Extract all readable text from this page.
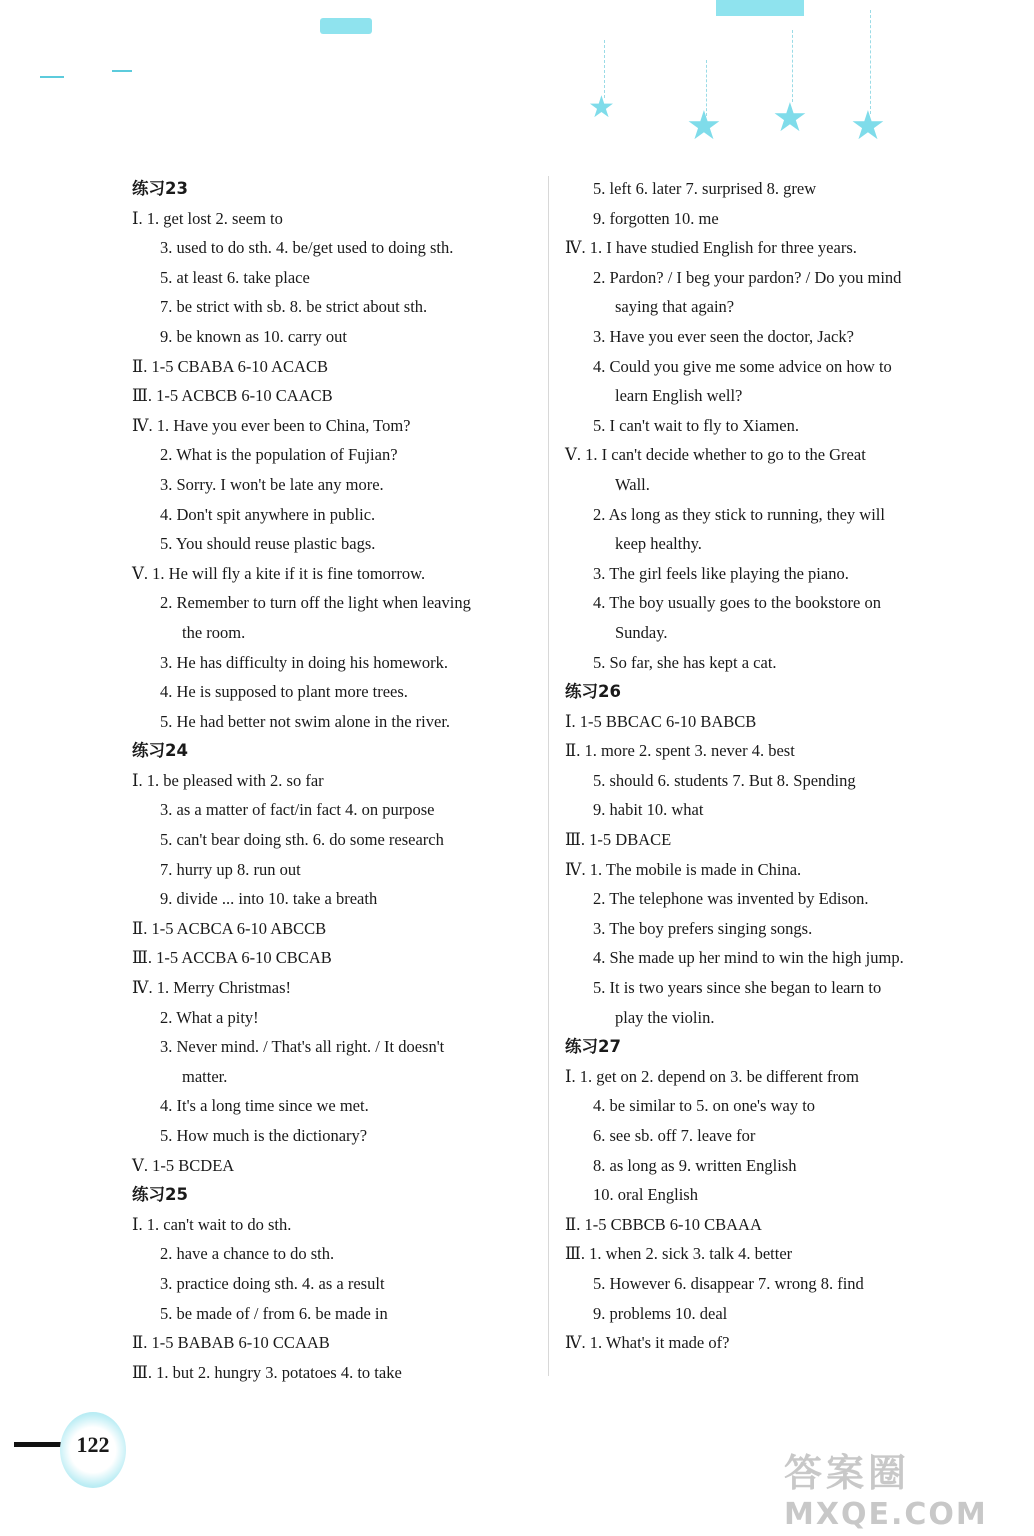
★ ★ ★ ★
练习23
Ⅰ. 1. get lost 2. seem to
3. used to do sth. 4. be/get used to doing sth.
5. at least 6. take place
7. be strict with sb. 8. be strict about sth.
9. be known as 10. carry out
Ⅱ. 1-5 CBABA 6-10 ACACB
Ⅲ. 1-5 ACBCB 6-10 CAACB
Ⅳ. 1. Have you ever been to China, Tom?
2. What is the population of Fujian?
3. Sorry. I won't be late any more.
4. Don't spit anywhere in public.
5. You should reuse plastic bags.
Ⅴ. 1. He will fly a kite if it is fine tomorrow.
2. Remember to turn off the light when leaving
the room.
3. He has difficulty in doing his homework.
4. He is supposed to plant more trees.
5. He had better not swim alone in the river.
练习24
Ⅰ. 1. be pleased with 2. so far
3. as a matter of fact/in fact 4. on purpose
5. can't bear doing sth. 6. do some research
7. hurry up 8. run out
9. divide ... into 10. take a breath
Ⅱ. 1-5 ACBCA 6-10 ABCCB
Ⅲ. 1-5 ACCBA 6-10 CBCAB
Ⅳ. 1. Merry Christmas!
2. What a pity!
3. Never mind. / That's all right. / It doesn't
matter.
4. It's a long time since we met.
5. How much is the dictionary?
Ⅴ. 1-5 BCDEA
练习25
Ⅰ. 1. can't wait to do sth.
2. have a chance to do sth.
3. practice doing sth. 4. as a result
5. be made of / from 6. be made in
Ⅱ. 1-5 BABAB 6-10 CCAAB
Ⅲ. 1. but 2. hungry 3. potatoes 4. to take
5. left 6. later 7. surprised 8. grew
9. forgotten 10. me
Ⅳ. 1. I have studied English for three years.
2. Pardon? / I beg your pardon? / Do you mind
saying that again?
3. Have you ever seen the doctor, Jack?
4. Could you give me some advice on how to
learn English well?
5. I can't wait to fly to Xiamen.
Ⅴ. 1. I can't decide whether to go to the Great
Wall.
2. As long as they stick to running, they will
keep healthy.
3. The girl feels like playing the piano.
4. The boy usually goes to the bookstore on
Sunday.
5. So far, she has kept a cat.
练习26
Ⅰ. 1-5 BBCAC 6-10 BABCB
Ⅱ. 1. more 2. spent 3. never 4. best
5. should 6. students 7. But 8. Spending
9. habit 10. what
Ⅲ. 1-5 DBACE
Ⅳ. 1. The mobile is made in China.
2. The telephone was invented by Edison.
3. The boy prefers singing songs.
4. She made up her mind to win the high jump.
5. It is two years since she began to learn to
play the violin.
练习27
Ⅰ. 1. get on 2. depend on 3. be different from
4. be similar to 5. on one's way to
6. see sb. off 7. leave for
8. as long as 9. written English
10. oral English
Ⅱ. 1-5 CBBCB 6-10 CBAAA
Ⅲ. 1. when 2. sick 3. talk 4. better
5. However 6. disappear 7. wrong 8. find
9. problems 10. deal
Ⅳ. 1. What's it made of?
122
答案圈
MXQE.COM
